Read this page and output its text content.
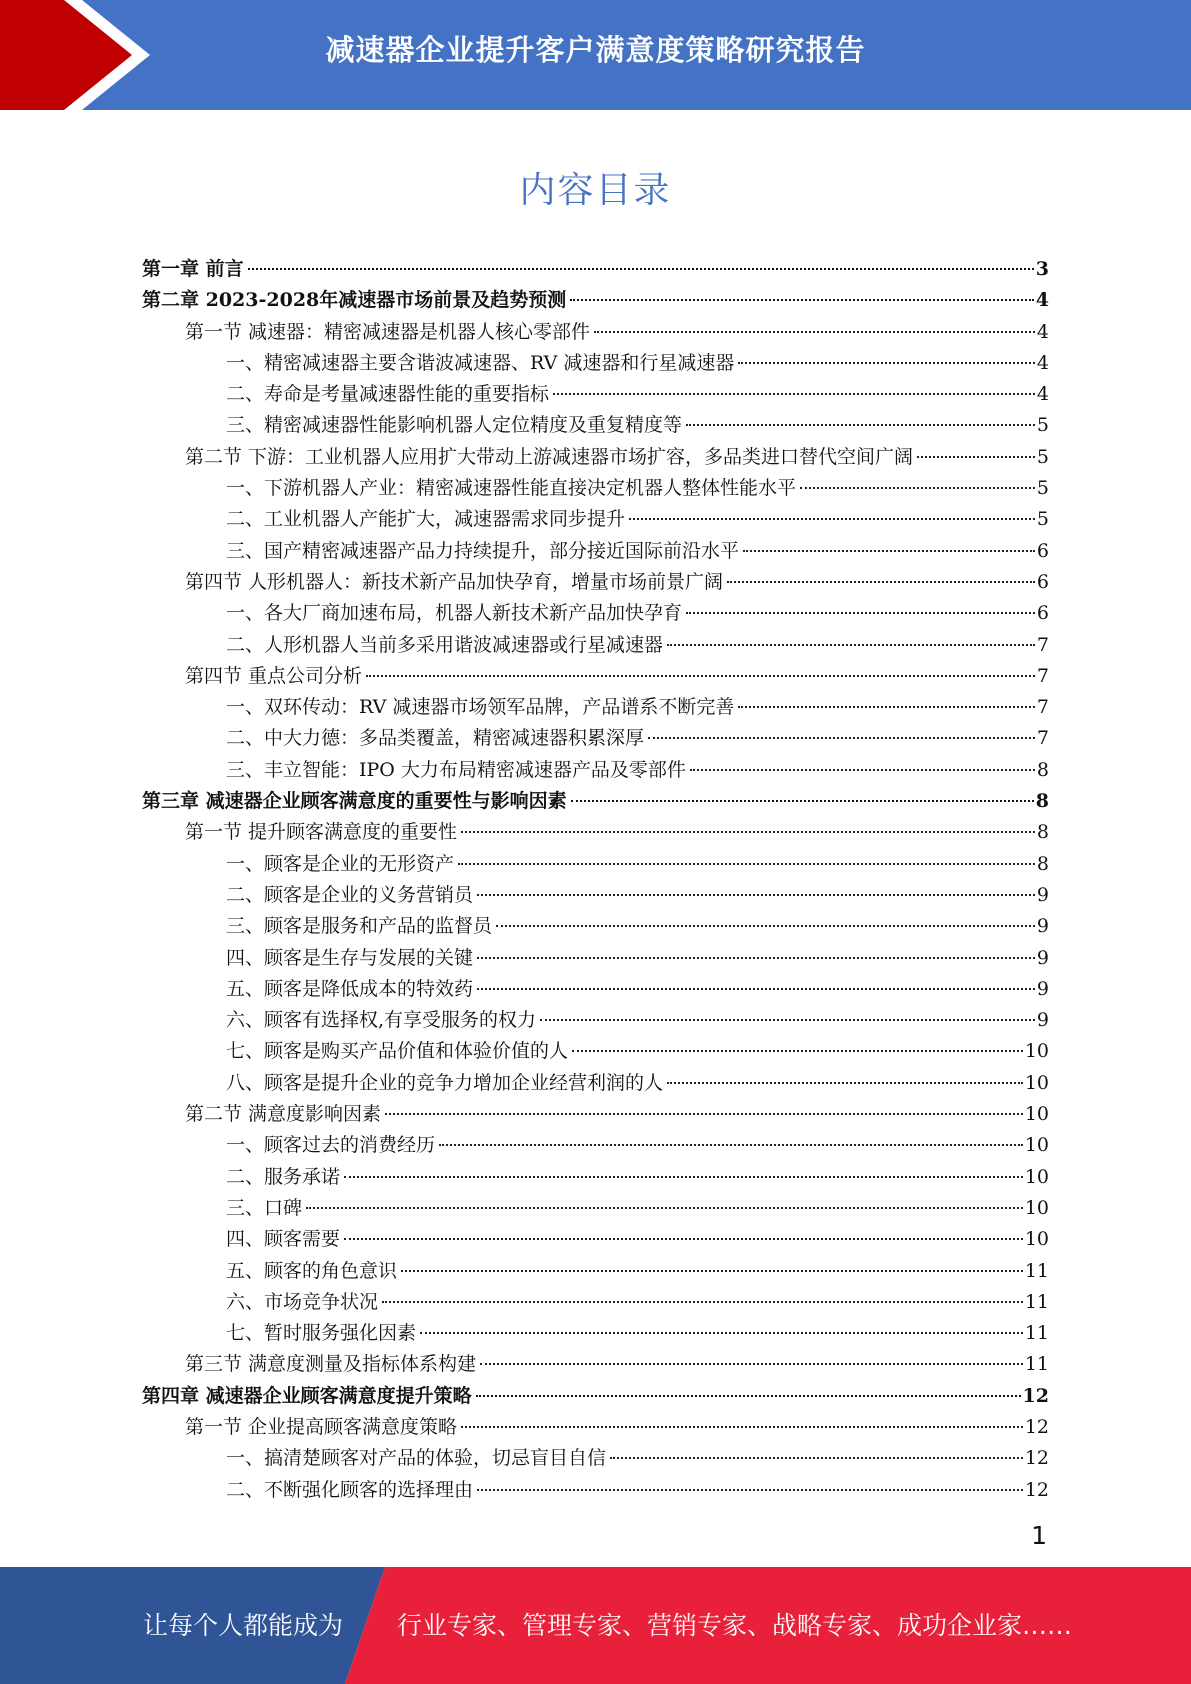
减速器企业提升客户满意度策略研究报告
内容目录
第一章 前言	3
第二章 2023-2028年减速器市场前景及趋势预测	4
第一节 减速器：精密减速器是机器人核心零部件	4
一、精密减速器主要含谐波减速器、RV 减速器和行星减速器	4
二、寿命是考量减速器性能的重要指标	4
三、精密减速器性能影响机器人定位精度及重复精度等	5
第二节 下游：工业机器人应用扩大带动上游减速器市场扩容，多品类进口替代空间广阔	5
一、下游机器人产业：精密减速器性能直接决定机器人整体性能水平	5
二、工业机器人产能扩大，减速器需求同步提升	5
三、国产精密减速器产品力持续提升，部分接近国际前沿水平	6
第四节 人形机器人：新技术新产品加快孕育，增量市场前景广阔	6
一、各大厂商加速布局，机器人新技术新产品加快孕育	6
二、人形机器人当前多采用谐波减速器或行星减速器	7
第四节 重点公司分析	7
一、双环传动：RV 减速器市场领军品牌，产品谱系不断完善	7
二、中大力德：多品类覆盖，精密减速器积累深厚	7
三、丰立智能：IPO 大力布局精密减速器产品及零部件	8
第三章 减速器企业顾客满意度的重要性与影响因素	8
第一节 提升顾客满意度的重要性	8
一、顾客是企业的无形资产	8
二、顾客是企业的义务营销员	9
三、顾客是服务和产品的监督员	9
四、顾客是生存与发展的关键	9
五、顾客是降低成本的特效药	9
六、顾客有选择权,有享受服务的权力	9
七、顾客是购买产品价值和体验价值的人	10
八、顾客是提升企业的竞争力增加企业经营利润的人	10
第二节 满意度影响因素	10
一、顾客过去的消费经历	10
二、服务承诺	10
三、口碑	10
四、顾客需要	10
五、顾客的角色意识	11
六、市场竞争状况	11
七、暂时服务强化因素	11
第三节 满意度测量及指标体系构建	11
第四章 减速器企业顾客满意度提升策略	12
第一节 企业提高顾客满意度策略	12
一、搞清楚顾客对产品的体验，切忌盲目自信	12
二、不断强化顾客的选择理由	12
1
让每个人都能成为 行业专家、管理专家、营销专家、战略专家、成功企业家……
